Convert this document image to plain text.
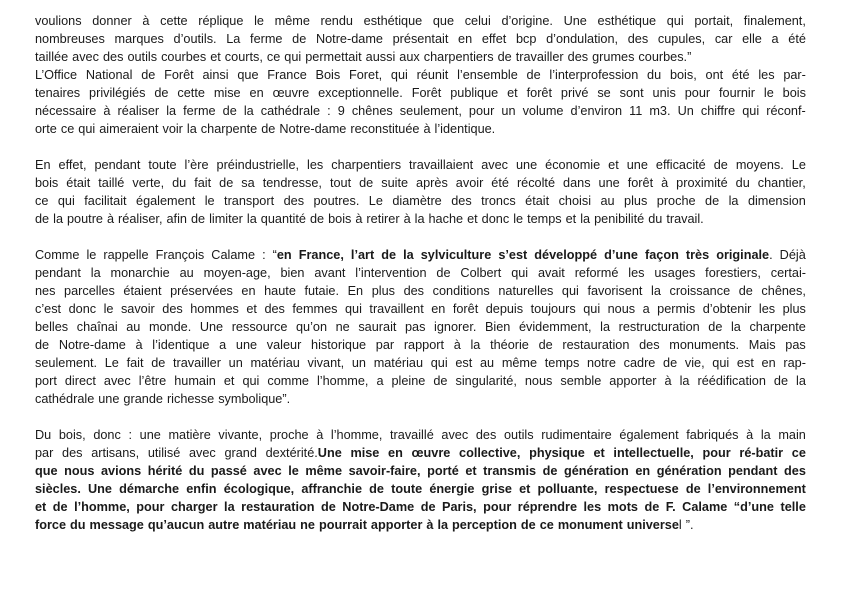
voulions donner à cette réplique le même rendu esthétique que celui d’origine. Une esthétique qui portait, finalement,
nombreuses marques d’outils. La ferme de Notre-dame présentait en effet bcp d’ondulation, des cupules, car elle a été
taillée avec des outils courbes et courts, ce qui permettait aussi aux charpentiers de travailler des grumes courbes.”
L’Office National de Forêt ainsi que France Bois Foret, qui réunit l’ensemble de l’interprofession du bois, ont été les par-
tenaires privilégiés de cette mise en œuvre exceptionnelle. Forêt publique et forêt privé se sont unis pour fournir le bois
nécessaire à réaliser la ferme de la cathédrale : 9 chênes seulement, pour un volume d’environ 11 m3. Un chiffre qui réconf-
orte ce qui aimeraient voir la charpente de Notre-dame reconstituée à l’identique.
En effet, pendant toute l’ère préindustrielle, les charpentiers travaillaient avec une économie et une efficacité de moyens. Le
bois était taillé verte, du fait de sa tendresse, tout de suite après avoir été récolté dans une forêt à proximité du chantier,
ce qui facilitait également le transport des poutres. Le diamètre des troncs était choisi au plus proche de la dimension
de la poutre à réaliser, afin de limiter la quantité de bois à retirer à la hache et donc le temps et la penibilité du travail.
Comme le rappelle François Calame : “en France, l’art de la sylviculture s’est développé d’une façon très originale. Déjà
pendant la monarchie au moyen-age, bien avant l’intervention de Colbert qui avait reformé les usages forestiers, certai-
nes parcelles étaient préservées en haute futaie. En plus des conditions naturelles qui favorisent la croissance de chênes,
c’est donc le savoir des hommes et des femmes qui travaillent en forêt depuis toujours qui nous a permis d’obtenir les plus
belles chaînai au monde. Une ressource qu’on ne saurait pas ignorer. Bien évidemment, la restructuration de la charpente
de Notre-dame à l’identique a une valeur historique par rapport à la théorie de restauration des monuments. Mais pas
seulement. Le fait de travailler un matériau vivant, un matériau qui est au même temps notre cadre de vie, qui est en rap-
port direct avec l’être humain et qui comme l’homme, a pleine de singularité, nous semble apporter à la réédification de la
cathédrale une grande richesse symbolique”.
Du bois, donc : une matière vivante, proche à l’homme, travaillé avec des outils rudimentaire également fabriqués à la main
par des artisans, utilisé avec grand dextérité.Une mise en œuvre collective, physique et intellectuelle, pour ré-batir ce
que nous avions hérité du passé avec le même savoir-faire, porté et transmis de génération en génération pendant des
siècles. Une démarche enfin écologique, affranchie de toute énergie grise et polluante, respectuese de l’environnement
et de l’homme, pour charger la restauration de Notre-Dame de Paris, pour réprendre les mots de F. Calame “d’une telle
force du message qu’aucun autre matériau ne pourrait apporter à la perception de ce monument universel ”.
